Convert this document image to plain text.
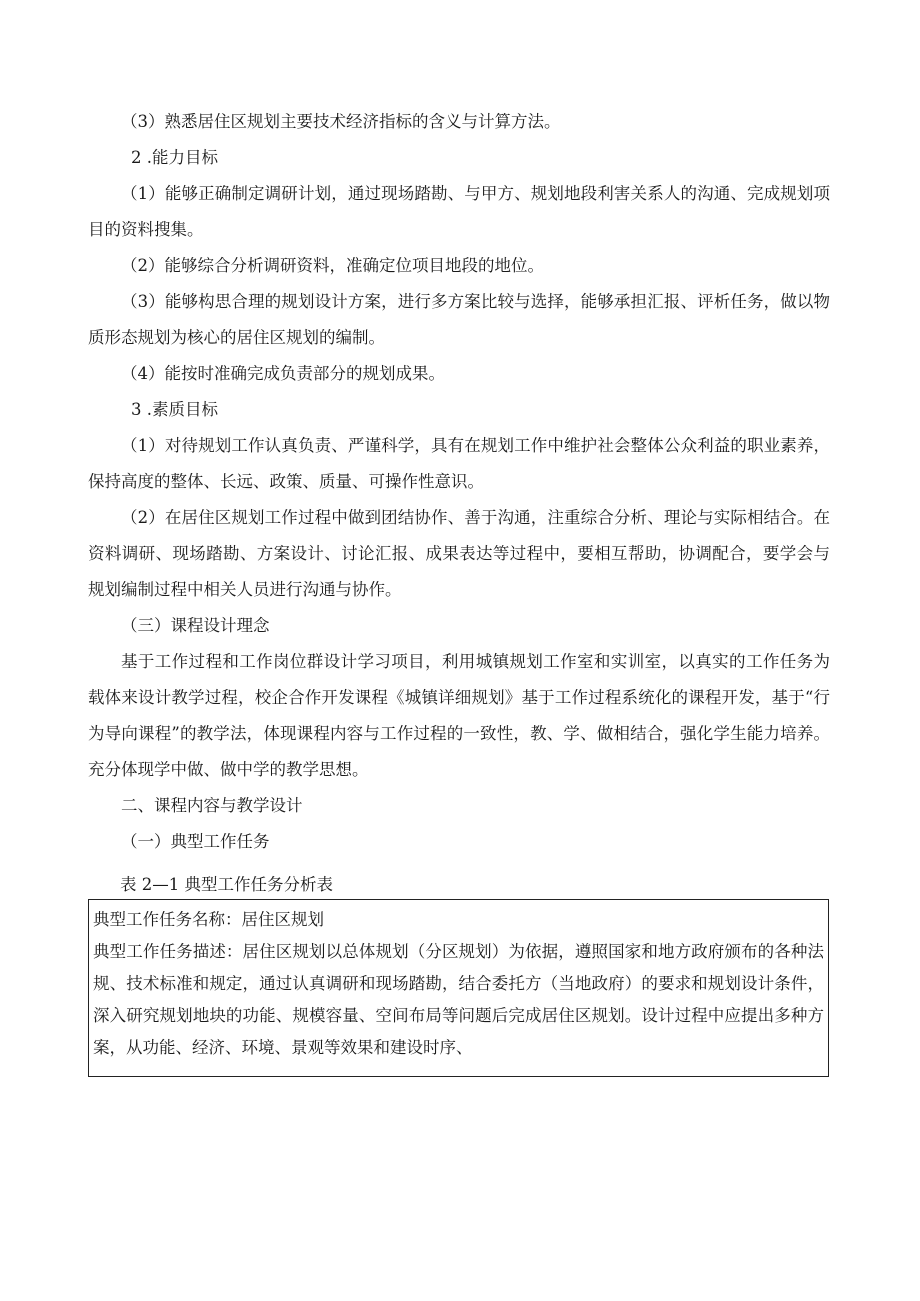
（3）熟悉居住区规划主要技术经济指标的含义与计算方法。

2 .能力目标

（1）能够正确制定调研计划，通过现场踏勘、与甲方、规划地段利害关系人的沟通、完成规划项目的资料搜集。

（2）能够综合分析调研资料，准确定位项目地段的地位。

（3）能够构思合理的规划设计方案，进行多方案比较与选择，能够承担汇报、评析任务，做以物质形态规划为核心的居住区规划的编制。

（4）能按时准确完成负责部分的规划成果。

3 .素质目标

（1）对待规划工作认真负责、严谨科学，具有在规划工作中维护社会整体公众利益的职业素养，保持高度的整体、长远、政策、质量、可操作性意识。

（2）在居住区规划工作过程中做到团结协作、善于沟通，注重综合分析、理论与实际相结合。在资料调研、现场踏勘、方案设计、讨论汇报、成果表达等过程中，要相互帮助，协调配合，要学会与规划编制过程中相关人员进行沟通与协作。

（三）课程设计理念

基于工作过程和工作岗位群设计学习项目，利用城镇规划工作室和实训室，以真实的工作任务为载体来设计教学过程，校企合作开发课程《城镇详细规划》基于工作过程系统化的课程开发，基于“行为导向课程”的教学法，体现课程内容与工作过程的一致性，教、学、做相结合，强化学生能力培养。充分体现学中做、做中学的教学思想。

二、课程内容与教学设计

（一）典型工作任务

表 2—1 典型工作任务分析表

典型工作任务名称：居住区规划

典型工作任务描述：居住区规划以总体规划（分区规划）为依据，遵照国家和地方政府颁布的各种法规、技术标准和规定，通过认真调研和现场踏勘，结合委托方（当地政府）的要求和规划设计条件，深入研究规划地块的功能、规模容量、空间布局等问题后完成居住区规划。设计过程中应提出多种方案，从功能、经济、环境、景观等效果和建设时序、
